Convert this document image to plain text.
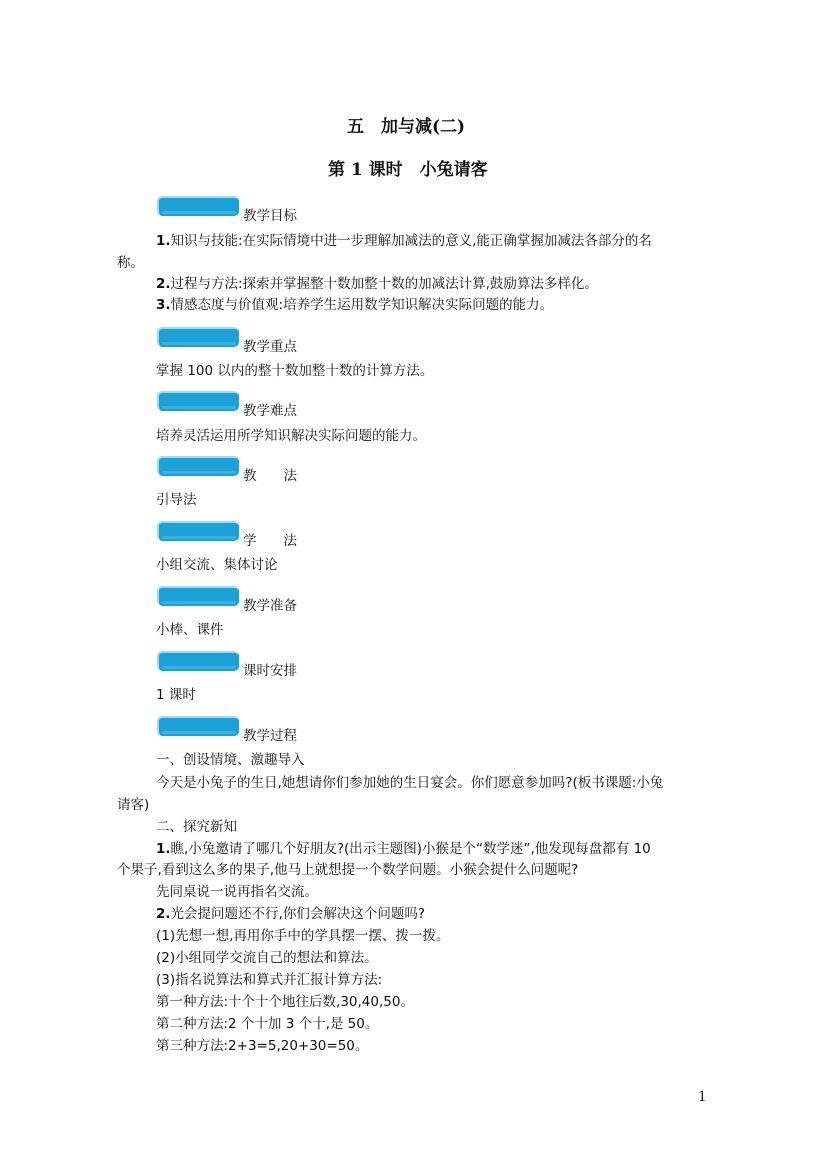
五　加与减(二)
第 1 课时　小兔请客
教学目标
1.知识与技能:在实际情境中进一步理解加减法的意义,能正确掌握加减法各部分的名
称。
2.过程与方法:探索并掌握整十数加整十数的加减法计算,鼓励算法多样化。
3.情感态度与价值观:培养学生运用数学知识解决实际问题的能力。
教学重点
掌握 100 以内的整十数加整十数的计算方法。
教学难点
培养灵活运用所学知识解决实际问题的能力。
教　　法
引导法
学　　法
小组交流、集体讨论
教学准备
小棒、课件
课时安排
1 课时
教学过程
一、创设情境、激趣导入
今天是小兔子的生日,她想请你们参加她的生日宴会。你们愿意参加吗?(板书课题:小兔
请客)
二、探究新知
1.瞧,小兔邀请了哪几个好朋友?(出示主题图)小猴是个“数学迷”,他发现每盘都有 10
个果子,看到这么多的果子,他马上就想提一个数学问题。小猴会提什么问题呢?
先同桌说一说再指名交流。
2.光会提问题还不行,你们会解决这个问题吗?
(1)先想一想,再用你手中的学具摆一摆、拨一拨。
(2)小组同学交流自己的想法和算法。
(3)指名说算法和算式并汇报计算方法:
第一种方法:十个十个地往后数,30,40,50。
第二种方法:2 个十加 3 个十,是 50。
第三种方法:2+3=5,20+30=50。
1
